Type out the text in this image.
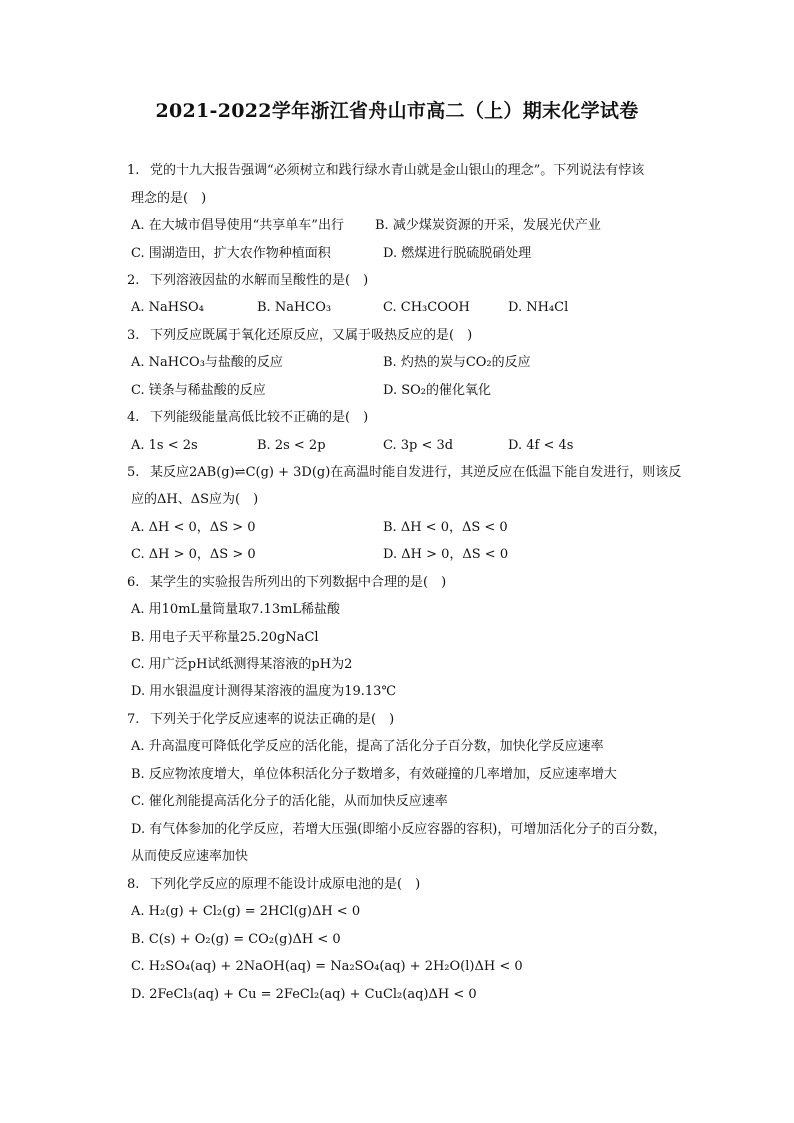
2021-2022学年浙江省舟山市高二（上）期末化学试卷
1. 党的十九大报告强调“必须树立和践行绿水青山就是金山银山的理念”。下列说法有悖该
理念的是(　)
A. 在大城市倡导使用“共享单车”出行 B. 减少煤炭资源的开采，发展光伏产业
C. 围湖造田，扩大农作物种植面积	D. 燃煤进行脱硫脱硝处理
2. 下列溶液因盐的水解而呈酸性的是(　)
A. NaHSO₄	B. NaHCO₃	C. CH₃COOH	D. NH₄Cl
3. 下列反应既属于氧化还原反应，又属于吸热反应的是(　)
A. NaHCO₃与盐酸的反应	B. 灼热的炭与CO₂的反应
C. 镁条与稀盐酸的反应	D. SO₂的催化氧化
4. 下列能级能量高低比较不正确的是(　)
A. 1s < 2s	B. 2s < 2p	C. 3p < 3d	D. 4f < 4s
5. 某反应2AB(g)⇌C(g) + 3D(g)在高温时能自发进行，其逆反应在低温下能自发进行，则该反
应的ΔH、ΔS应为(　)
A. ΔH < 0，ΔS > 0	B. ΔH < 0，ΔS < 0
C. ΔH > 0，ΔS > 0	D. ΔH > 0，ΔS < 0
6. 某学生的实验报告所列出的下列数据中合理的是(　)
A. 用10mL量筒量取7.13mL稀盐酸
B. 用电子天平称量25.20gNaCl
C. 用广泛pH试纸测得某溶液的pH为2
D. 用水银温度计测得某溶液的温度为19.13℃
7. 下列关于化学反应速率的说法正确的是(　)
A. 升高温度可降低化学反应的活化能，提高了活化分子百分数，加快化学反应速率
B. 反应物浓度增大，单位体积活化分子数增多，有效碰撞的几率增加，反应速率增大
C. 催化剂能提高活化分子的活化能，从而加快反应速率
D. 有气体参加的化学反应，若增大压强(即缩小反应容器的容积)，可增加活化分子的百分数，
从而使反应速率加快
8. 下列化学反应的原理不能设计成原电池的是(　)
A. H₂(g) + Cl₂(g) = 2HCl(g)ΔH < 0
B. C(s) + O₂(g) = CO₂(g)ΔH < 0
C. H₂SO₄(aq) + 2NaOH(aq) = Na₂SO₄(aq) + 2H₂O(l)ΔH < 0
D. 2FeCl₃(aq) + Cu = 2FeCl₂(aq) + CuCl₂(aq)ΔH < 0
